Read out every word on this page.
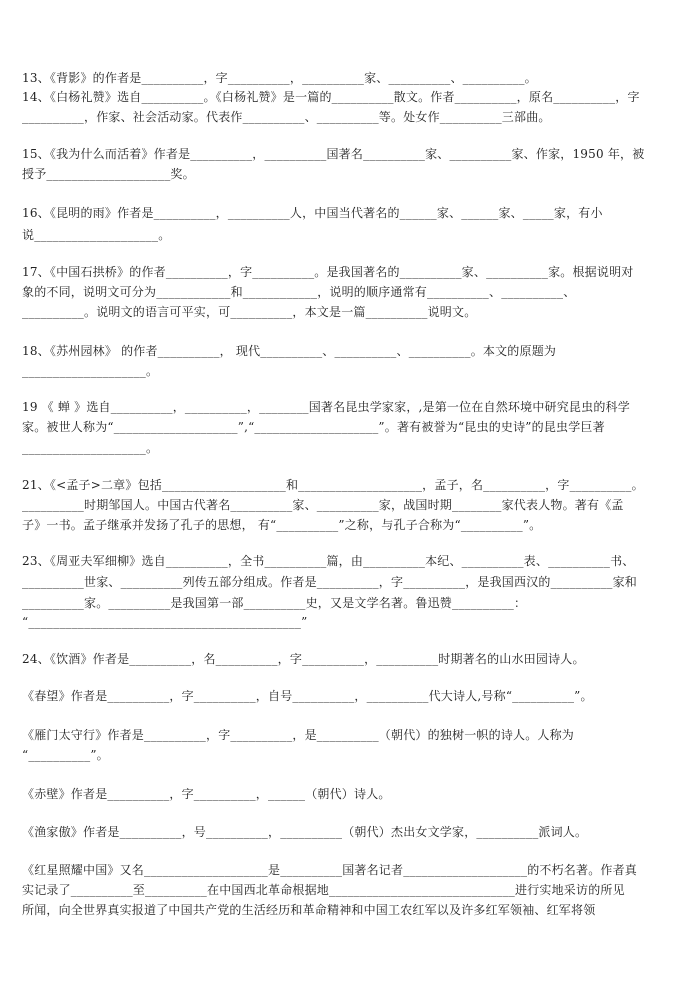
13、《背影》的作者是__________，字__________，__________家、__________、__________。
14、《白杨礼赞》选自__________。《白杨礼赞》是一篇的__________散文。作者__________，原名__________，字
__________，作家、社会活动家。代表作__________、__________等。处女作__________三部曲。
15、《我为什么而活着》作者是__________，__________国著名__________家、__________家、作家，1950 年，被
授予____________________奖。
16、《昆明的雨》作者是__________，__________人，中国当代著名的______家、______家、_____家，有小
说____________________。
17、《中国石拱桥》的作者__________，字__________。是我国著名的__________家、__________家。根据说明对
象的不同，说明文可分为____________和____________，说明的顺序通常有__________、__________、
__________。说明文的语言可平实，可__________，本文是一篇__________说明文。
18、《苏州园林》 的作者__________， 现代__________、__________、__________。本文的原题为
____________________。
19 《 蝉 》选自__________，__________，________国著名昆虫学家家，,是第一位在自然环境中研究昆虫的科学
家。被世人称为“____________________”,“____________________”。著有被誉为“昆虫的史诗”的昆虫学巨著
____________________。
21、《<孟子>二章》包括____________________和____________________，孟子，名__________，字__________。
__________时期邹国人。中国古代著名__________家、__________家，战国时期________家代表人物。著有《孟
子》一书。孟子继承并发扬了孔子的思想， 有“__________”之称，与孔子合称为“__________”。
23、《周亚夫军细柳》选自__________，全书__________篇，由__________本纪、__________表、__________书、
__________世家、__________列传五部分组成。作者是__________，字__________，是我国西汉的__________家和
__________家。__________是我国第一部__________史，又是文学名著。鲁迅赞__________：
“____________________________________________”
24、《饮酒》作者是__________，名__________，字__________，__________时期著名的山水田园诗人。
《春望》作者是__________，字__________，自号__________，__________代大诗人,号称“__________”。
《雁门太守行》作者是__________，字__________，是__________（朝代）的独树一帜的诗人。人称为
“__________”。
《赤壁》作者是__________，字__________，______（朝代）诗人。
《渔家傲》作者是__________，号__________，__________（朝代）杰出女文学家，__________派词人。
《红星照耀中国》又名____________________是__________国著名记者____________________的不朽名著。作者真
实记录了__________至__________在中国西北革命根据地______________________________进行实地采访的所见
所闻，向全世界真实报道了中国共产党的生活经历和革命精神和中国工农红军以及许多红军领袖、红军将领
